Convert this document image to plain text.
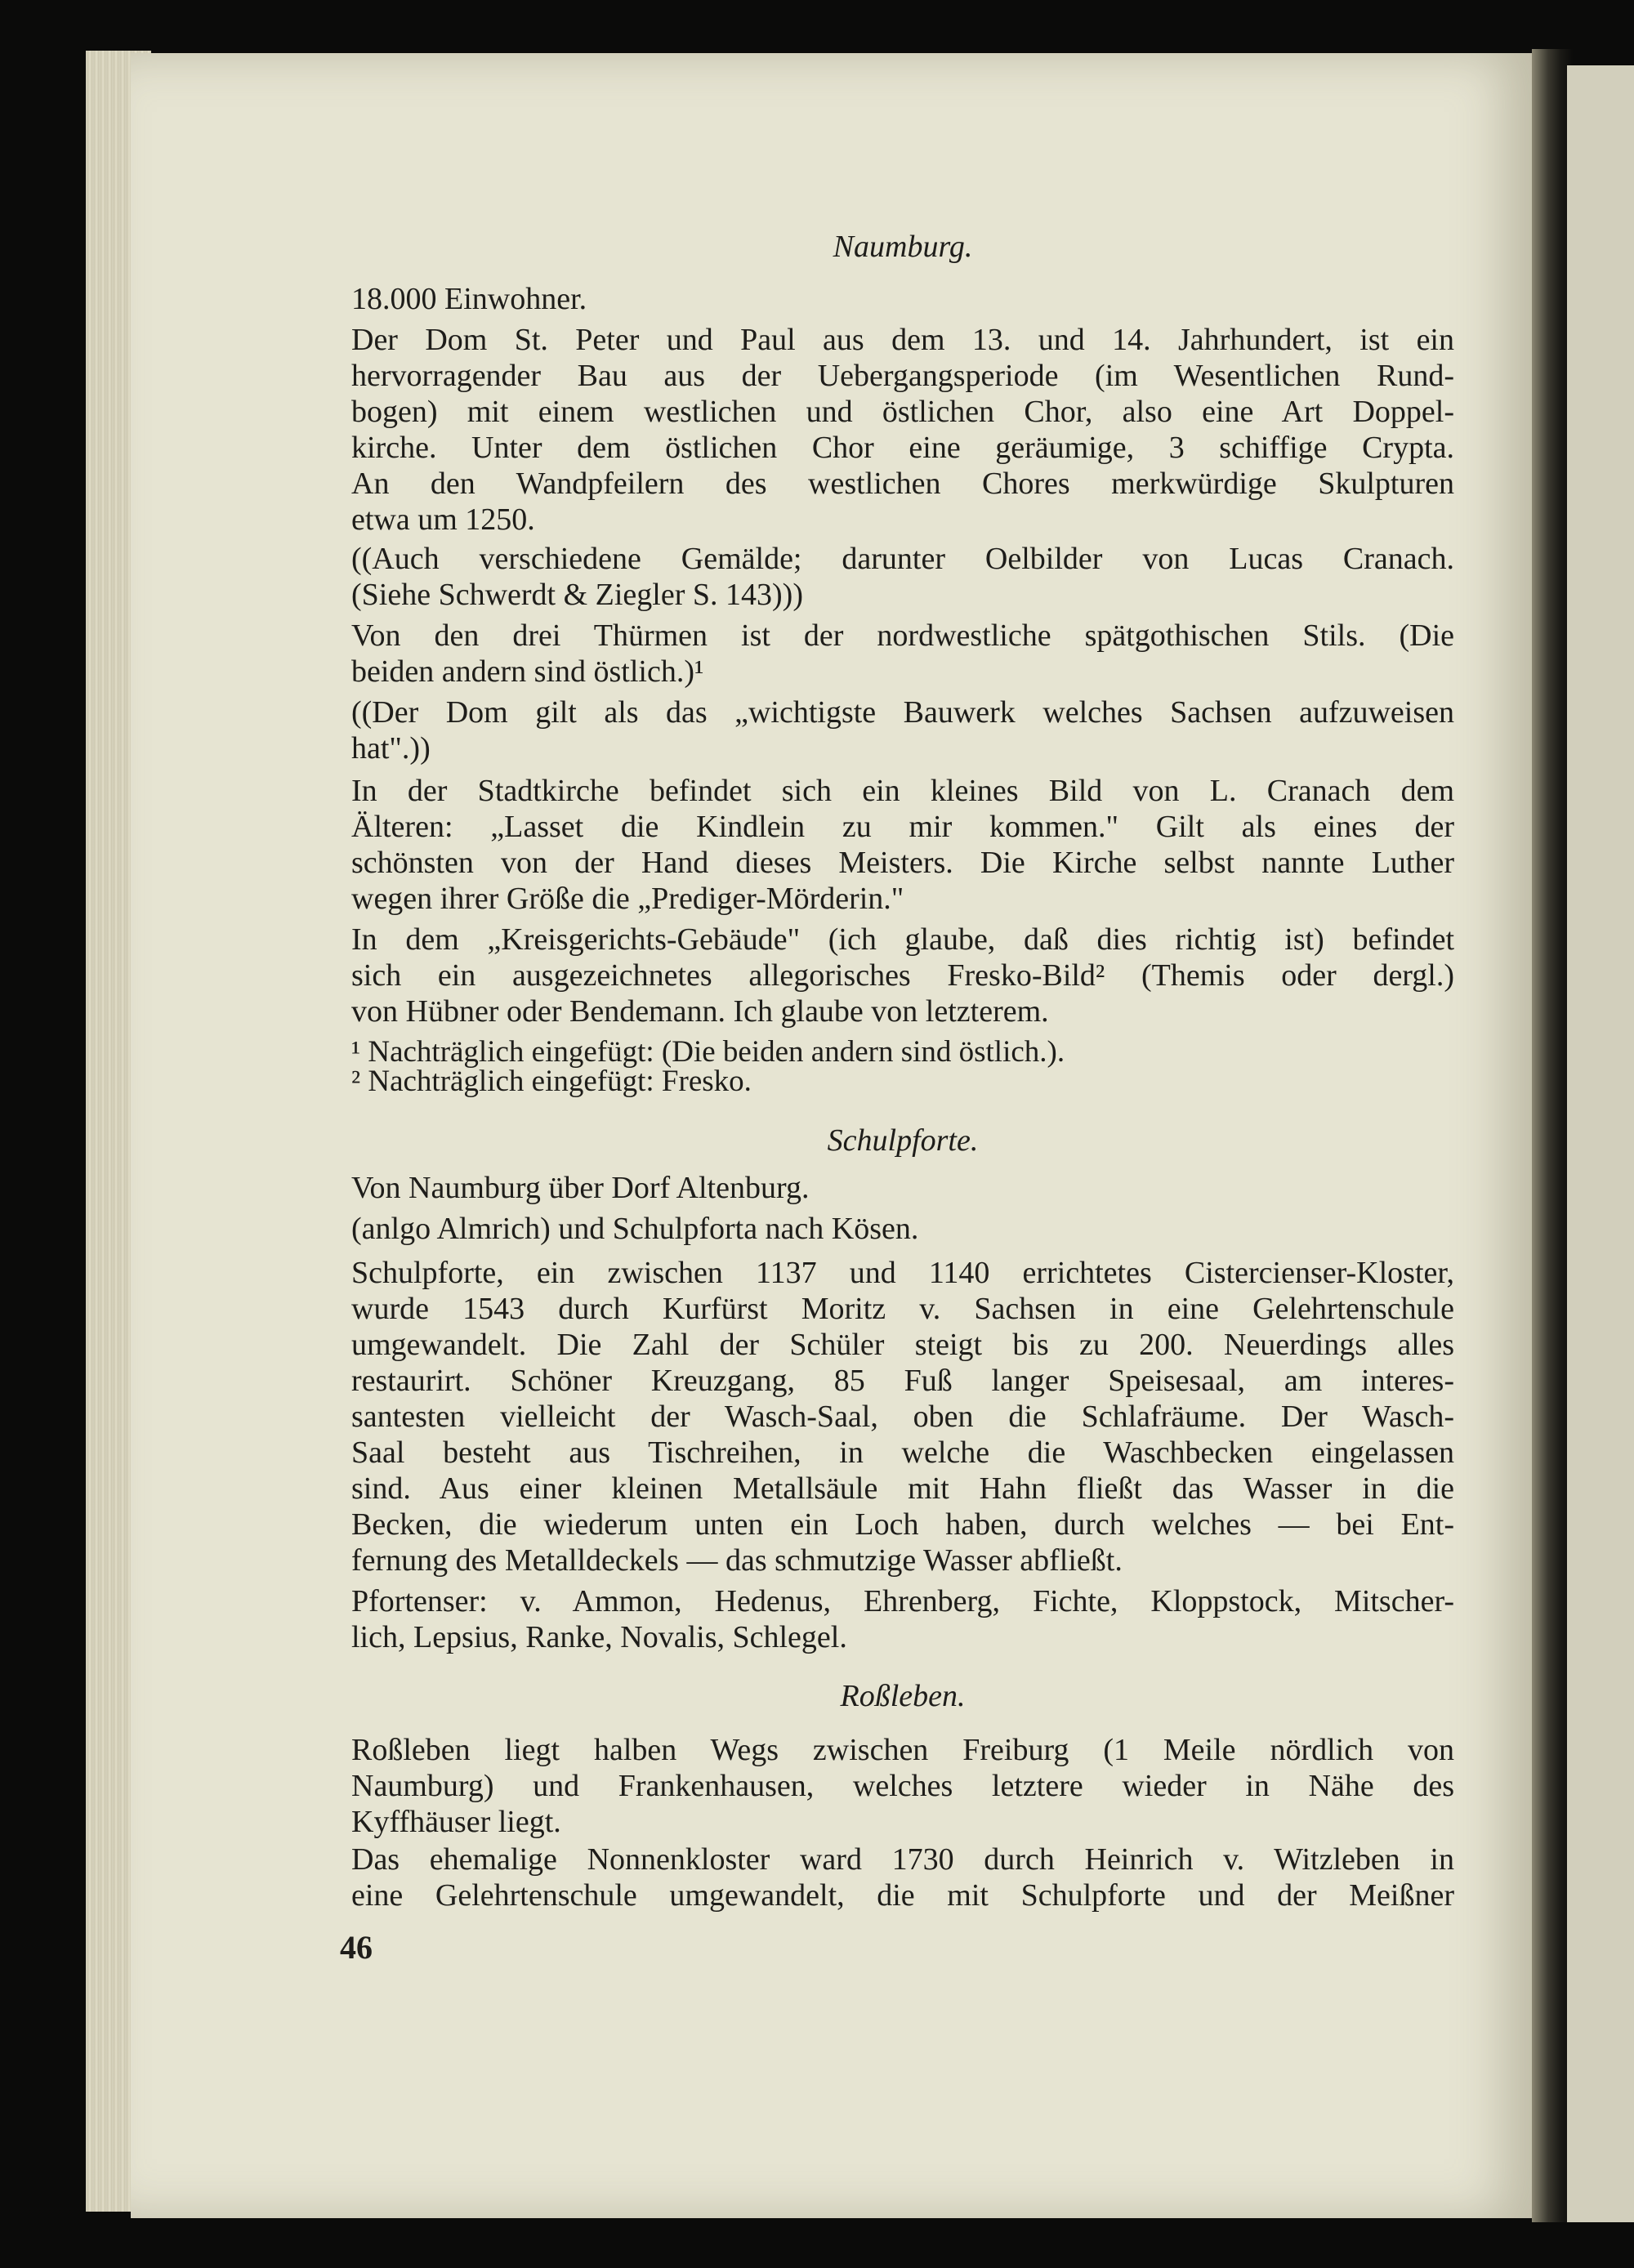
Naumburg.
18.000 Einwohner.
Der Dom St. Peter und Paul aus dem 13. und 14. Jahrhundert, ist ein
hervorragender Bau aus der Uebergangsperiode (im Wesentlichen Rund-
bogen) mit einem westlichen und östlichen Chor, also eine Art Doppel-
kirche. Unter dem östlichen Chor eine geräumige, 3 schiffige Crypta.
An den Wandpfeilern des westlichen Chores merkwürdige Skulpturen
etwa um 1250.
((Auch verschiedene Gemälde; darunter Oelbilder von Lucas Cranach.
(Siehe Schwerdt & Ziegler S. 143)))
Von den drei Thürmen ist der nordwestliche spätgothischen Stils. (Die
beiden andern sind östlich.)¹
((Der Dom gilt als das „wichtigste Bauwerk welches Sachsen aufzuweisen
hat".))
In der Stadtkirche befindet sich ein kleines Bild von L. Cranach dem
Älteren: „Lasset die Kindlein zu mir kommen." Gilt als eines der
schönsten von der Hand dieses Meisters. Die Kirche selbst nannte Luther
wegen ihrer Größe die „Prediger-Mörderin."
In dem „Kreisgerichts-Gebäude" (ich glaube, daß dies richtig ist) befindet
sich ein ausgezeichnetes allegorisches Fresko-Bild² (Themis oder dergl.)
von Hübner oder Bendemann. Ich glaube von letzterem.
¹ Nachträglich eingefügt: (Die beiden andern sind östlich.).
² Nachträglich eingefügt: Fresko.
Schulpforte.
Von Naumburg über Dorf Altenburg.
(anlgo Almrich) und Schulpforta nach Kösen.
Schulpforte, ein zwischen 1137 und 1140 errichtetes Cistercienser-Kloster,
wurde 1543 durch Kurfürst Moritz v. Sachsen in eine Gelehrtenschule
umgewandelt. Die Zahl der Schüler steigt bis zu 200. Neuerdings alles
restaurirt. Schöner Kreuzgang, 85 Fuß langer Speisesaal, am interes-
santesten vielleicht der Wasch-Saal, oben die Schlafräume. Der Wasch-
Saal besteht aus Tischreihen, in welche die Waschbecken eingelassen
sind. Aus einer kleinen Metallsäule mit Hahn fließt das Wasser in die
Becken, die wiederum unten ein Loch haben, durch welches — bei Ent-
fernung des Metalldeckels — das schmutzige Wasser abfließt.
Pfortenser: v. Ammon, Hedenus, Ehrenberg, Fichte, Kloppstock, Mitscher-
lich, Lepsius, Ranke, Novalis, Schlegel.
Roßleben.
Roßleben liegt halben Wegs zwischen Freiburg (1 Meile nördlich von
Naumburg) und Frankenhausen, welches letztere wieder in Nähe des
Kyffhäuser liegt.
Das ehemalige Nonnenkloster ward 1730 durch Heinrich v. Witzleben in
eine Gelehrtenschule umgewandelt, die mit Schulpforte und der Meißner
46
